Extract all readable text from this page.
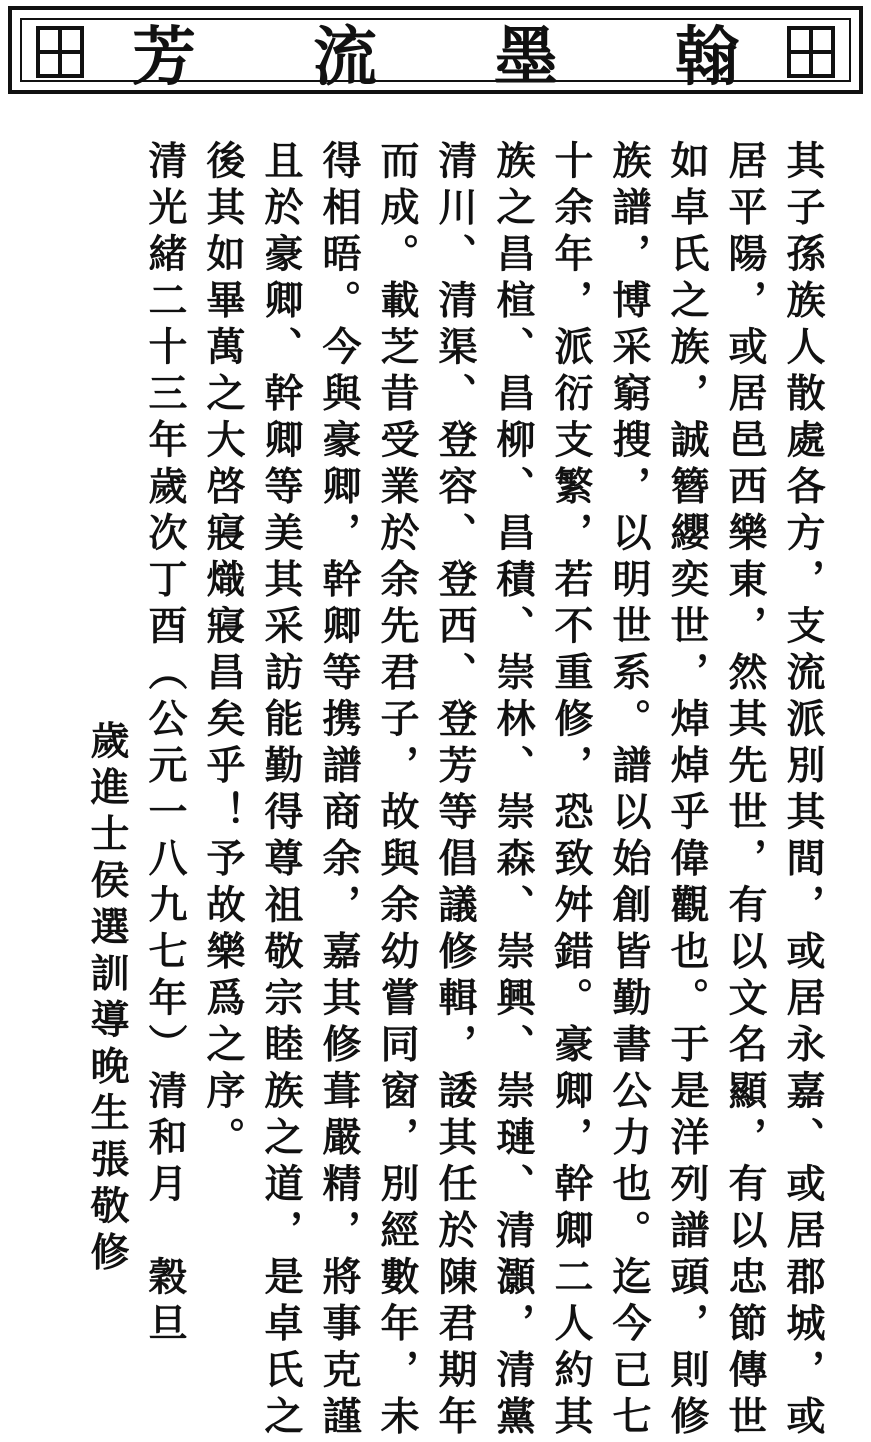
芳 流 墨 翰
其子孫族人散處各方，支流派別其間，或居永嘉、或居郡城，或
居平陽，或居邑西樂東，然其先世，有以文名顯，有以忠節傳世
如卓氏之族，誠簪纓奕世，焯焯乎偉觀也。于是洋列譜頭，則修
族譜，博采窮搜，以明世系。譜以始創皆勤書公力也。迄今已七
十余年，派衍支繁，若不重修，恐致舛錯。豪卿，幹卿二人約其
族之昌楦、昌柳、昌積、崇林、崇森、崇興、崇璉、清灝，清黨
清川、清渠、登容、登西、登芳等倡議修輯，諉其任於陳君期年
而成。載芝昔受業於余先君子，故與余幼嘗同窗，別經數年，未
得相晤。今與豪卿，幹卿等携譜商余，嘉其修葺嚴精，將事克謹
且於豪卿、幹卿等美其采訪能勤得尊祖敬宗睦族之道，是卓氏之
後其如畢萬之大啓寢熾寢昌矣乎！予故樂爲之序。
清光緒二十三年歲次丁酉（公元一八九七年）清和月　穀旦
歲進士侯選訓導晚生張敬修
